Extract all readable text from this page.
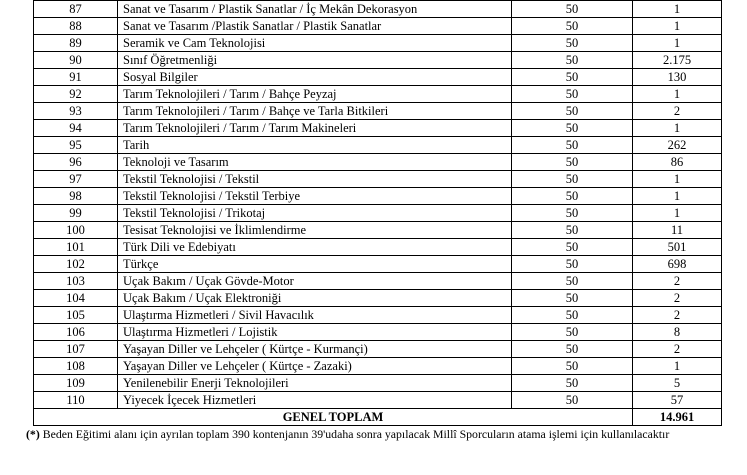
87	Sanat ve Tasarım / Plastik Sanatlar / İç Mekân Dekorasyon	50	1
88	Sanat ve Tasarım /Plastik Sanatlar / Plastik Sanatlar	50	1
89	Seramik ve Cam Teknolojisi	50	1
90	Sınıf Öğretmenliği	50	2.175
91	Sosyal Bilgiler	50	130
92	Tarım Teknolojileri / Tarım / Bahçe Peyzaj	50	1
93	Tarım Teknolojileri / Tarım / Bahçe ve Tarla Bitkileri	50	2
94	Tarım Teknolojileri / Tarım / Tarım Makineleri	50	1
95	Tarih	50	262
96	Teknoloji ve Tasarım	50	86
97	Tekstil Teknolojisi / Tekstil	50	1
98	Tekstil Teknolojisi / Tekstil Terbiye	50	1
99	Tekstil Teknolojisi / Trikotaj	50	1
100	Tesisat Teknolojisi ve İklimlendirme	50	11
101	Türk Dili ve Edebiyatı	50	501
102	Türkçe	50	698
103	Uçak Bakım / Uçak Gövde-Motor	50	2
104	Uçak Bakım / Uçak Elektroniği	50	2
105	Ulaştırma Hizmetleri / Sivil Havacılık	50	2
106	Ulaştırma Hizmetleri / Lojistik	50	8
107	Yaşayan Diller ve Lehçeler ( Kürtçe - Kurmançi)	50	2
108	Yaşayan Diller ve Lehçeler ( Kürtçe - Zazaki)	50	1
109	Yenilenebilir Enerji Teknolojileri	50	5
110	Yiyecek İçecek Hizmetleri	50	57
GENEL TOPLAM			14.961
(*) Beden Eğitimi alanı için ayrılan toplam 390 kontenjanın 39'udaha sonra yapılacak Millî Sporcuların atama işlemi için kullanılacaktır
